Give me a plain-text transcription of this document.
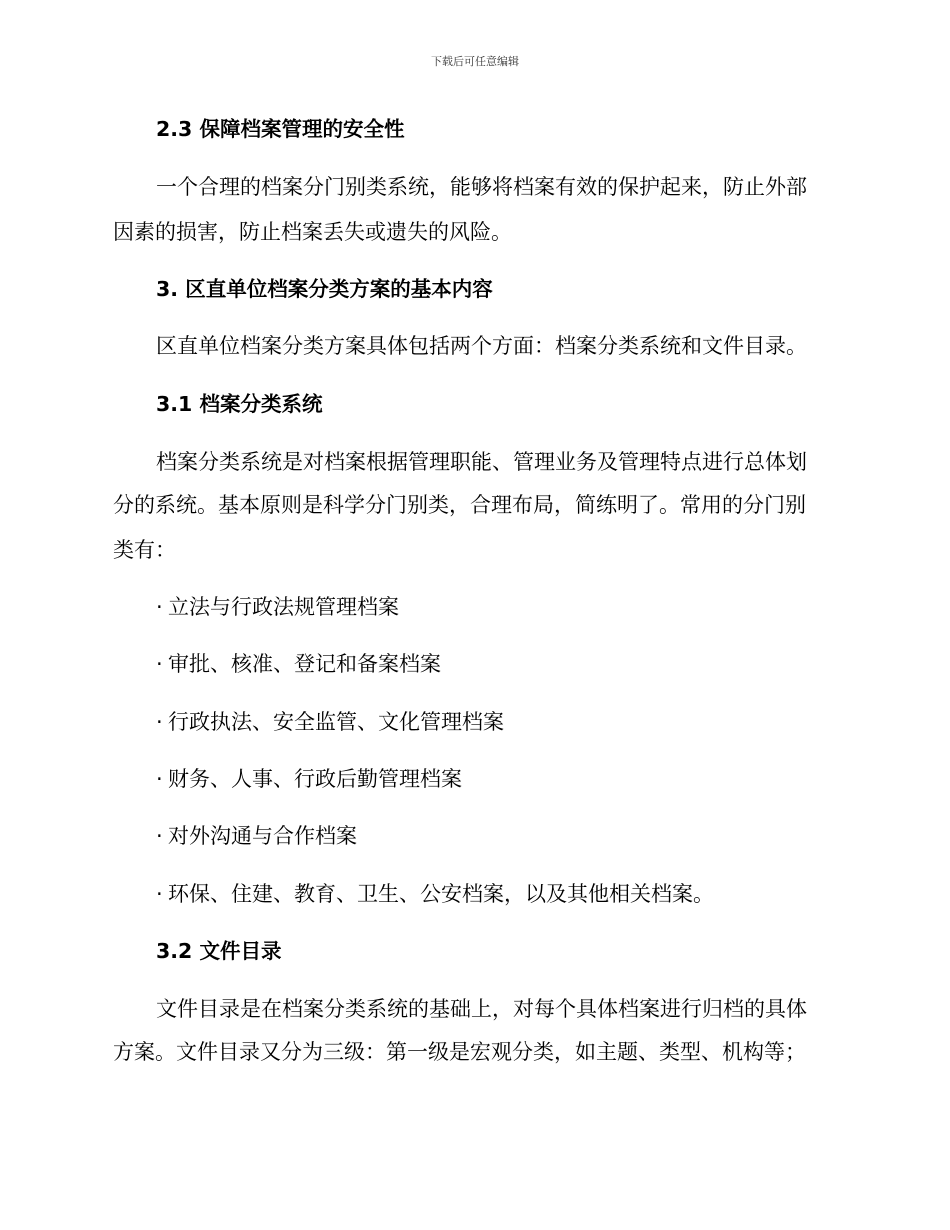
下载后可任意编辑
2.3 保障档案管理的安全性
一个合理的档案分门别类系统，能够将档案有效的保护起来，防止外部
因素的损害，防止档案丢失或遗失的风险。
3. 区直单位档案分类方案的基本内容
区直单位档案分类方案具体包括两个方面：档案分类系统和文件目录。
3.1 档案分类系统
档案分类系统是对档案根据管理职能、管理业务及管理特点进行总体划
分的系统。基本原则是科学分门别类，合理布局，简练明了。常用的分门别
类有：
· 立法与行政法规管理档案
· 审批、核准、登记和备案档案
· 行政执法、安全监管、文化管理档案
· 财务、人事、行政后勤管理档案
· 对外沟通与合作档案
· 环保、住建、教育、卫生、公安档案，以及其他相关档案。
3.2 文件目录
文件目录是在档案分类系统的基础上，对每个具体档案进行归档的具体
方案。文件目录又分为三级：第一级是宏观分类，如主题、类型、机构等；
